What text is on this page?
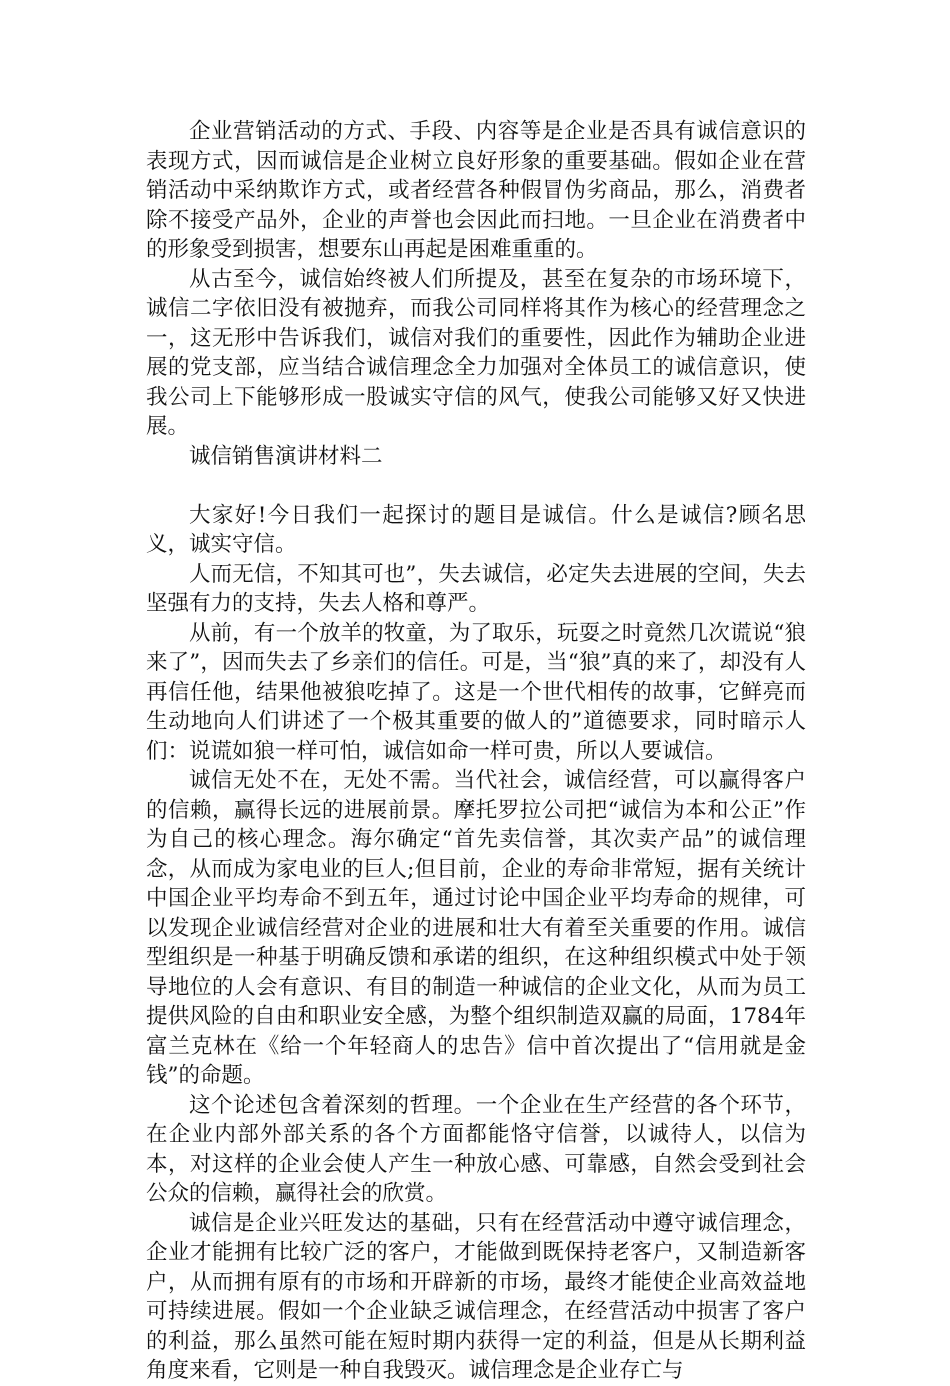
企业营销活动的方式、手段、内容等是企业是否具有诚信意识的表现方式，因而诚信是企业树立良好形象的重要基础。假如企业在营销活动中采纳欺诈方式，或者经营各种假冒伪劣商品，那么，消费者除不接受产品外，企业的声誉也会因此而扫地。一旦企业在消费者中的形象受到损害，想要东山再起是困难重重的。

从古至今，诚信始终被人们所提及，甚至在复杂的市场环境下，诚信二字依旧没有被抛弃，而我公司同样将其作为核心的经营理念之一，这无形中告诉我们，诚信对我们的重要性，因此作为辅助企业进展的党支部，应当结合诚信理念全力加强对全体员工的诚信意识，使我公司上下能够形成一股诚实守信的风气，使我公司能够又好又快进展。

诚信销售演讲材料二

大家好!今日我们一起探讨的题目是诚信。什么是诚信?顾名思义，诚实守信。

人而无信，不知其可也”，失去诚信，必定失去进展的空间，失去坚强有力的支持，失去人格和尊严。

从前，有一个放羊的牧童，为了取乐，玩耍之时竟然几次谎说“狼来了”，因而失去了乡亲们的信任。可是，当“狼”真的来了，却没有人再信任他，结果他被狼吃掉了。这是一个世代相传的故事，它鲜亮而生动地向人们讲述了一个极其重要的做人的”道德要求，同时暗示人们：说谎如狼一样可怕，诚信如命一样可贵，所以人要诚信。

诚信无处不在，无处不需。当代社会，诚信经营，可以赢得客户的信赖，赢得长远的进展前景。摩托罗拉公司把“诚信为本和公正”作为自己的核心理念。海尔确定“首先卖信誉，其次卖产品”的诚信理念，从而成为家电业的巨人;但目前，企业的寿命非常短，据有关统计中国企业平均寿命不到五年，通过讨论中国企业平均寿命的规律，可以发现企业诚信经营对企业的进展和壮大有着至关重要的作用。诚信型组织是一种基于明确反馈和承诺的组织，在这种组织模式中处于领导地位的人会有意识、有目的制造一种诚信的企业文化，从而为员工提供风险的自由和职业安全感，为整个组织制造双赢的局面，1784年富兰克林在《给一个年轻商人的忠告》信中首次提出了“信用就是金钱”的命题。

这个论述包含着深刻的哲理。一个企业在生产经营的各个环节，在企业内部外部关系的各个方面都能恪守信誉，以诚待人，以信为本，对这样的企业会使人产生一种放心感、可靠感，自然会受到社会公众的信赖，赢得社会的欣赏。

诚信是企业兴旺发达的基础，只有在经营活动中遵守诚信理念，企业才能拥有比较广泛的客户，才能做到既保持老客户，又制造新客户，从而拥有原有的市场和开辟新的市场，最终才能使企业高效益地可持续进展。假如一个企业缺乏诚信理念，在经营活动中损害了客户的利益，那么虽然可能在短时期内获得一定的利益，但是从长期利益角度来看，它则是一种自我毁灭。诚信理念是企业存亡与
